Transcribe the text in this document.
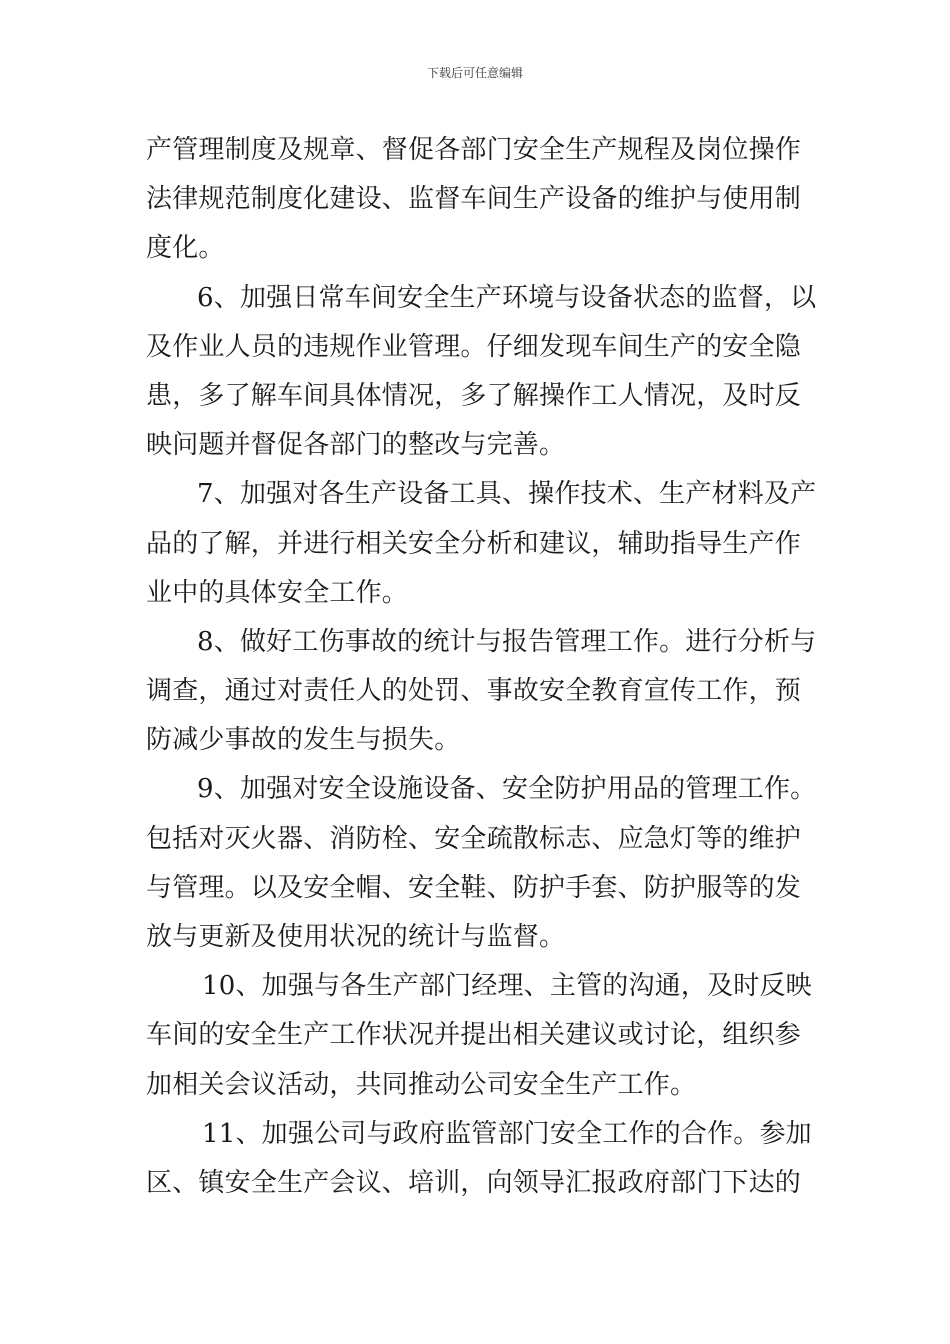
下载后可任意编辑
产管理制度及规章、督促各部门安全生产规程及岗位操作
法律规范制度化建设、监督车间生产设备的维护与使用制
度化。
6、加强日常车间安全生产环境与设备状态的监督，以
及作业人员的违规作业管理。仔细发现车间生产的安全隐
患，多了解车间具体情况，多了解操作工人情况，及时反
映问题并督促各部门的整改与完善。
7、加强对各生产设备工具、操作技术、生产材料及产
品的了解，并进行相关安全分析和建议，辅助指导生产作
业中的具体安全工作。
8、做好工伤事故的统计与报告管理工作。进行分析与
调查，通过对责任人的处罚、事故安全教育宣传工作，预
防减少事故的发生与损失。
9、加强对安全设施设备、安全防护用品的管理工作。
包括对灭火器、消防栓、安全疏散标志、应急灯等的维护
与管理。以及安全帽、安全鞋、防护手套、防护服等的发
放与更新及使用状况的统计与监督。
10、加强与各生产部门经理、主管的沟通，及时反映
车间的安全生产工作状况并提出相关建议或讨论，组织参
加相关会议活动，共同推动公司安全生产工作。
11、加强公司与政府监管部门安全工作的合作。参加
区、镇安全生产会议、培训，向领导汇报政府部门下达的
